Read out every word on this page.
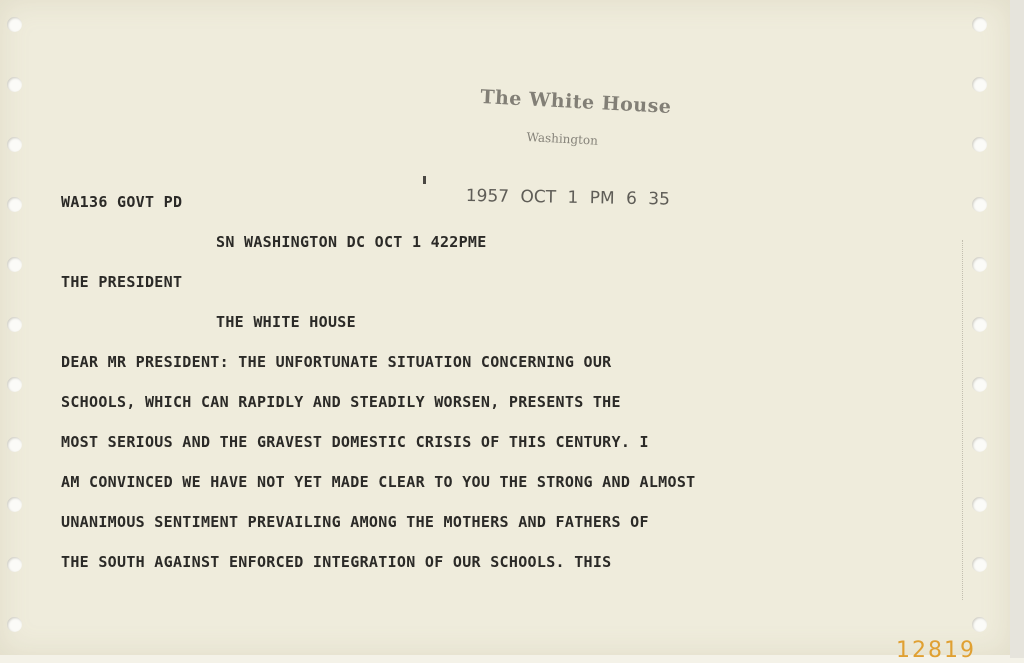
The White House
Washington
1957 OCT 1 PM 6 35
WA136 GOVT PD
SN WASHINGTON DC OCT 1 422PME
THE PRESIDENT
THE WHITE HOUSE
DEAR MR PRESIDENT: THE UNFORTUNATE SITUATION CONCERNING OUR
SCHOOLS, WHICH CAN RAPIDLY AND STEADILY WORSEN, PRESENTS THE
MOST SERIOUS AND THE GRAVEST DOMESTIC CRISIS OF THIS CENTURY. I
AM CONVINCED WE HAVE NOT YET MADE CLEAR TO YOU THE STRONG AND ALMOST
UNANIMOUS SENTIMENT PREVAILING AMONG THE MOTHERS AND FATHERS OF
THE SOUTH AGAINST ENFORCED INTEGRATION OF OUR SCHOOLS. THIS
12819
